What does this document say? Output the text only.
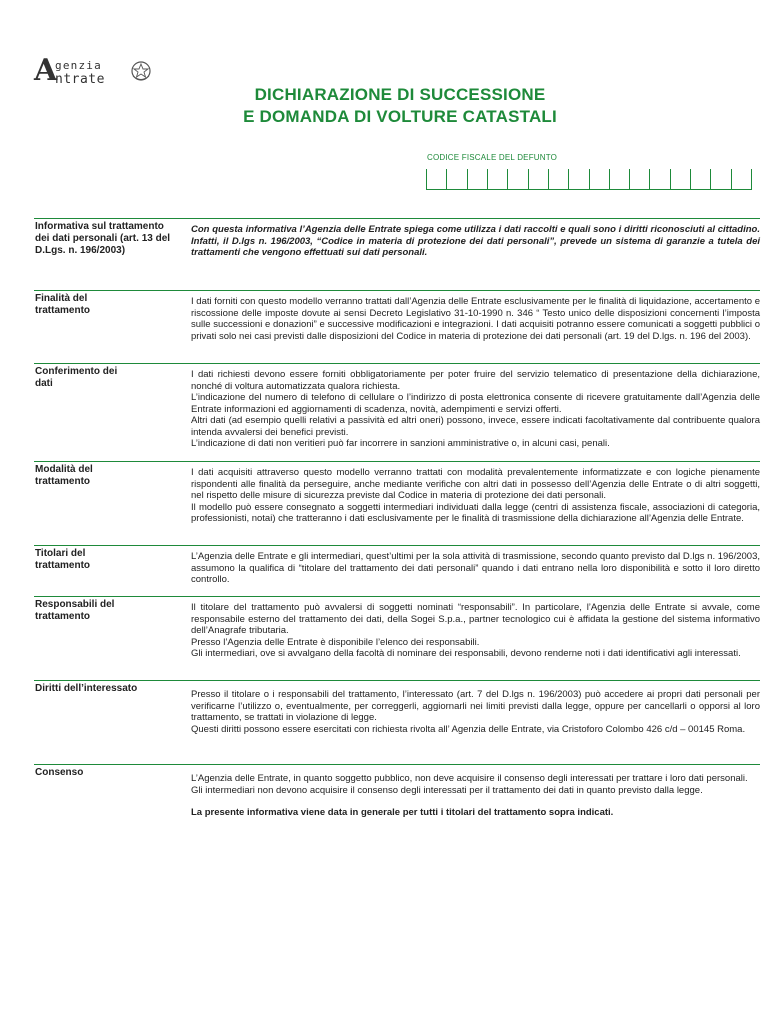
A
genzia
ntrate
DICHIARAZIONE DI SUCCESSIONE
E DOMANDA DI VOLTURE CATASTALI
CODICE FISCALE DEL DEFUNTO
Informativa sul trattamento dei dati personali (art. 13 del D.Lgs. n. 196/2003)

Con questa informativa l’Agenzia delle Entrate spiega come utilizza i dati raccolti e quali sono i diritti riconosciuti al cittadino. Infatti, il D.lgs n. 196/2003, “Codice in materia di protezione dei dati personali”, prevede un sistema di garanzie a tutela dei trattamenti che vengono effettuati sui dati personali.

Finalità del trattamento

I dati forniti con questo modello verranno trattati dall’Agenzia delle Entrate esclusivamente per le finalità di liquidazione, accertamento e riscossione delle imposte dovute ai sensi Decreto Legislativo 31-10-1990 n. 346 “ Testo unico delle disposizioni concernenti l’imposta sulle successioni e donazioni” e successive modificazioni e integrazioni. I dati acquisiti potranno essere comunicati a soggetti pubblici o privati solo nei casi previsti dalle disposizioni del Codice in materia di protezione dei dati personali (art. 19 del D.lgs. n. 196 del 2003).

Conferimento dei dati

I dati richiesti devono essere forniti obbligatoriamente per poter fruire del servizio telematico di presentazione della dichiarazione, nonché di voltura automatizzata qualora richiesta.

L’indicazione del numero di telefono di cellulare o l’indirizzo di posta elettronica consente di ricevere gratuitamente dall’Agenzia delle Entrate informazioni ed aggiornamenti di scadenza, novità, adempimenti e servizi offerti.

Altri dati (ad esempio quelli relativi a passività ed altri oneri) possono, invece, essere indicati facoltativamente dal contribuente qualora intenda avvalersi dei benefici previsti.

L’indicazione di dati non veritieri può far incorrere in sanzioni amministrative o, in alcuni casi, penali.

Modalità del trattamento

I dati acquisiti attraverso questo modello verranno trattati con modalità prevalentemente informatizzate e con logiche pienamente rispondenti alle finalità da perseguire, anche mediante verifiche con altri dati in possesso dell’Agenzia delle Entrate o di altri soggetti, nel rispetto delle misure di sicurezza previste dal Codice in materia di protezione dei dati personali.

Il modello può essere consegnato a soggetti intermediari individuati dalla legge (centri di assistenza fiscale, associazioni di categoria, professionisti, notai) che tratteranno i dati esclusivamente per le finalità di trasmissione della dichiarazione all’Agenzia delle Entrate.

Titolari del trattamento

L’Agenzia delle Entrate e gli intermediari, quest’ultimi per la sola attività di trasmissione, secondo quanto previsto dal D.lgs n. 196/2003, assumono la qualifica di “titolare del trattamento dei dati personali” quando i dati entrano nella loro disponibilità e sotto il loro diretto controllo.

Responsabili del trattamento

Il titolare del trattamento può avvalersi di soggetti nominati “responsabili”. In particolare, l’Agenzia delle Entrate si avvale, come responsabile esterno del trattamento dei dati, della Sogei S.p.a., partner tecnologico cui è affidata la gestione del sistema informativo dell’Anagrafe tributaria.

Presso l’Agenzia delle Entrate è disponibile l’elenco dei responsabili.

Gli intermediari, ove si avvalgano della facoltà di nominare dei responsabili, devono renderne noti i dati identificativi agli interessati.

Diritti dell’interessato

Presso il titolare o i responsabili del trattamento, l’interessato (art. 7 del D.lgs n. 196/2003) può accedere ai propri dati personali per verificarne l’utilizzo o, eventualmente, per correggerli, aggiornarli nei limiti previsti dalla legge, oppure per cancellarli o opporsi al loro trattamento, se trattati in violazione di legge.

Questi diritti possono essere esercitati con richiesta rivolta all’ Agenzia delle Entrate, via Cristoforo Colombo 426 c/d – 00145 Roma.

Consenso

L’Agenzia delle Entrate, in quanto soggetto pubblico, non deve acquisire il consenso degli interessati per trattare i loro dati personali.

Gli intermediari non devono acquisire il consenso degli interessati per il trattamento dei dati in quanto previsto dalla legge.

La presente informativa viene data in generale per tutti i titolari del trattamento sopra indicati.
